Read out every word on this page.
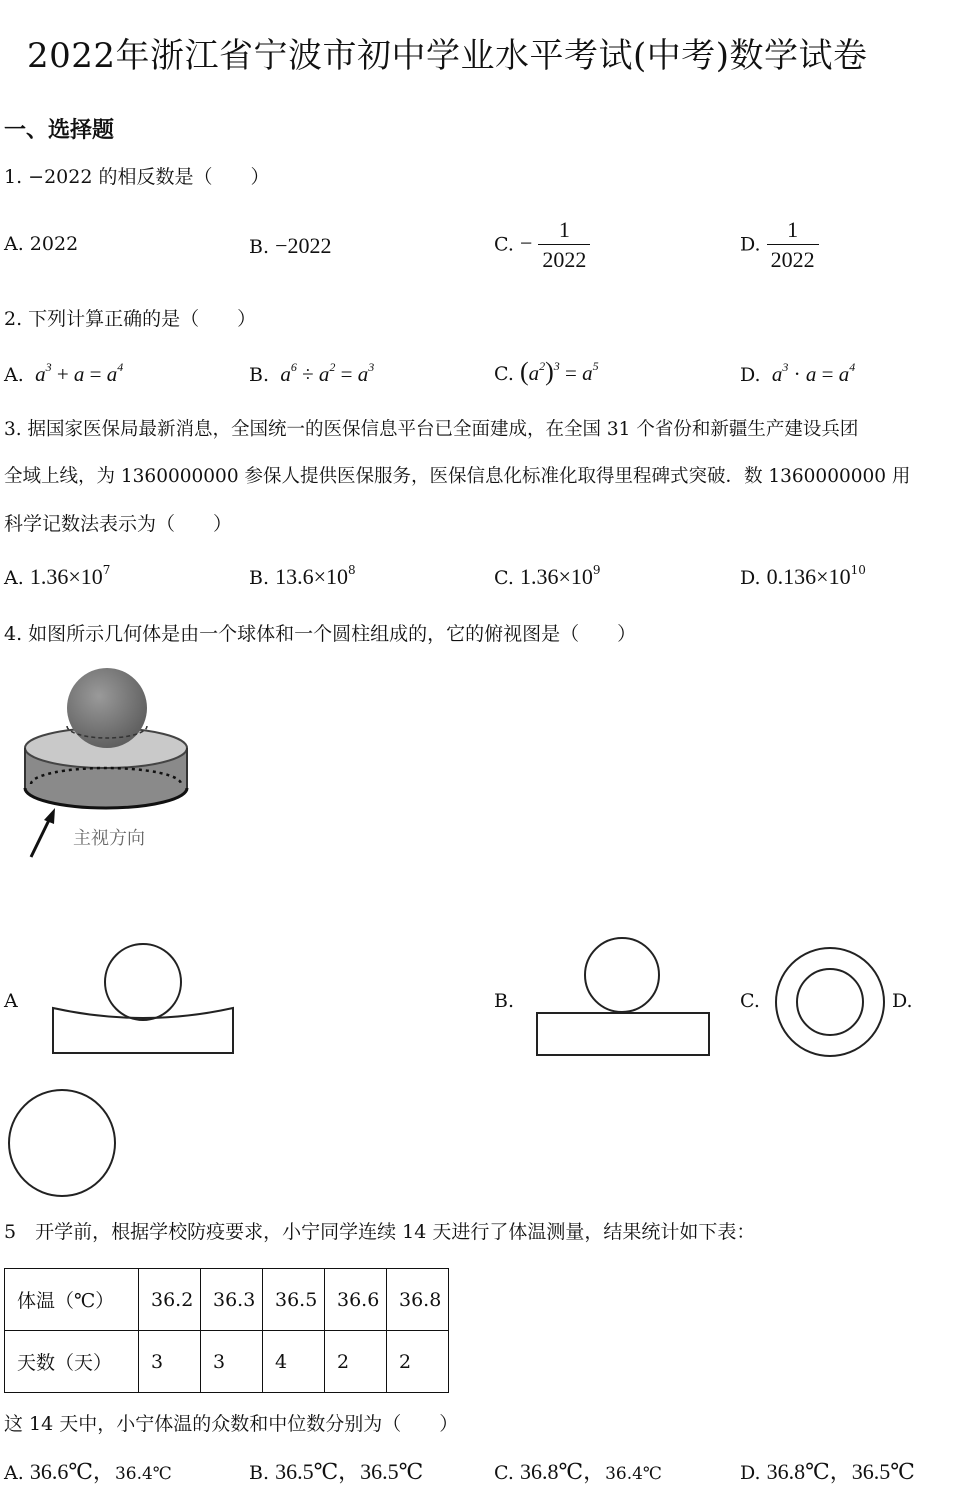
2022年浙江省宁波市初中学业水平考试(中考)数学试卷
一、选择题
1. −2022 的相反数是（　　）
A. 2022	B. −2022	C. − $\frac{1}{2022}$	D. $\frac{1}{2022}$
2. 下列计算正确的是（　　）
A.  $a^3 + a = a^4$	B.  $a^6 \div a^2 = a^3$	C. $(a^2)^3 = a^5$	D.  $a^3 \cdot a = a^4$
3. 据国家医保局最新消息，全国统一的医保信息平台已全面建成，在全国 31 个省份和新疆生产建设兵团
全域上线，为 1360000000 参保人提供医保服务，医保信息化标准化取得里程碑式突破．数 1360000000 用
科学记数法表示为（　　）
A. $1.36\times 10^7$	B. $13.6\times 10^8$	C. $1.36\times 10^9$	D. $0.136\times 10^{10}$
4. 如图所示几何体是由一个球体和一个圆柱组成的，它的俯视图是（　　）
主视方向
A	B.	C.	D.
5　开学前，根据学校防疫要求，小宁同学连续 14 天进行了体温测量，结果统计如下表：
体温（℃）	36.2	36.3	36.5	36.6	36.8
天数（天）	3	3	4	2	2
这 14 天中，小宁体温的众数和中位数分别为（　　）
A. 36.6℃，36.4℃	B. 36.5℃，36.5℃	C. 36.8℃，36.4℃	D. 36.8℃，36.5℃
